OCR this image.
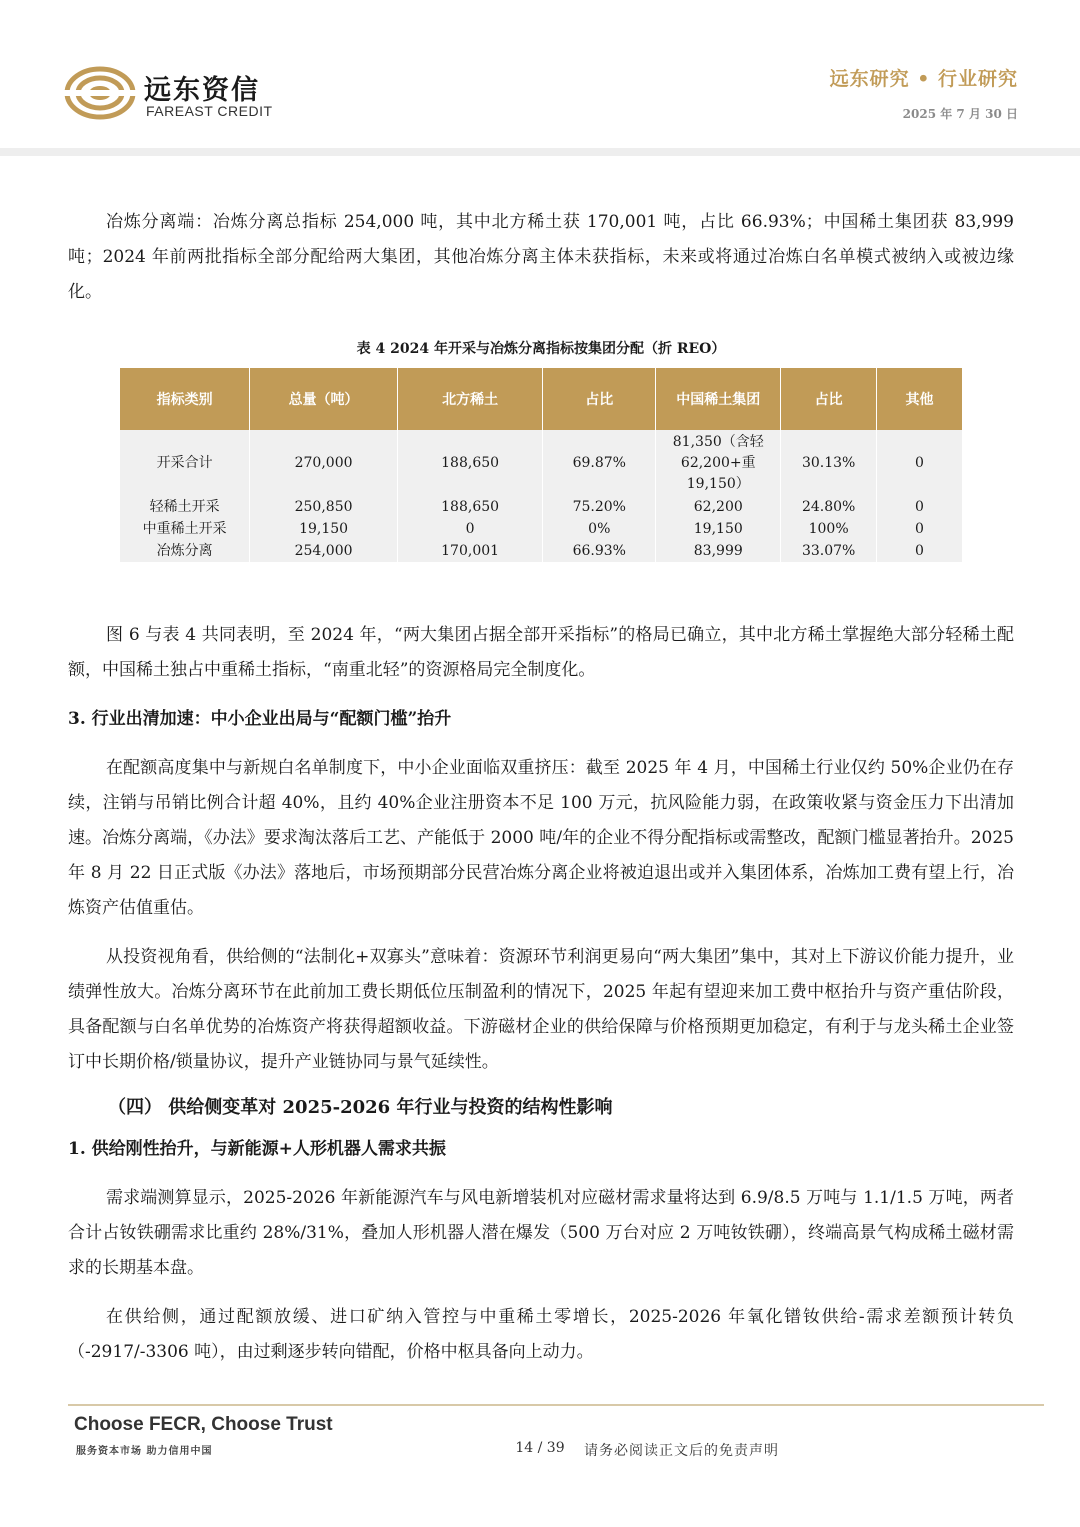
远东资信
FAREAST CREDIT
远东研究 • 行业研究
2025 年 7 月 30 日

冶炼分离端：冶炼分离总指标 254,000 吨，其中北方稀土获 170,001 吨，占比 66.93%；中国稀土集团获 83,999 吨；2024 年前两批指标全部分配给两大集团，其他冶炼分离主体未获指标，未来或将通过冶炼白名单模式被纳入或被边缘化。

表 4 2024 年开采与冶炼分离指标按集团分配（折 REO）
指标类别	总量（吨）	北方稀土	占比	中国稀土集团	占比	其他
开采合计	270,000	188,650	69.87%	81,350（含轻62,200+重19,150）	30.13%	0
轻稀土开采	250,850	188,650	75.20%	62,200	24.80%	0
中重稀土开采	19,150	0	0%	19,150	100%	0
冶炼分离	254,000	170,001	66.93%	83,999	33.07%	0

图 6 与表 4 共同表明，至 2024 年，“两大集团占据全部开采指标”的格局已确立，其中北方稀土掌握绝大部分轻稀土配额，中国稀土独占中重稀土指标，“南重北轻”的资源格局完全制度化。

3. 行业出清加速：中小企业出局与“配额门槛”抬升

在配额高度集中与新规白名单制度下，中小企业面临双重挤压：截至 2025 年 4 月，中国稀土行业仅约 50%企业仍在存续，注销与吊销比例合计超 40%，且约 40%企业注册资本不足 100 万元，抗风险能力弱，在政策收紧与资金压力下出清加速。冶炼分离端，《办法》要求淘汰落后工艺、产能低于 2000 吨/年的企业不得分配指标或需整改，配额门槛显著抬升。2025 年 8 月 22 日正式版《办法》落地后，市场预期部分民营冶炼分离企业将被迫退出或并入集团体系，冶炼加工费有望上行，冶炼资产估值重估。

从投资视角看，供给侧的“法制化+双寡头”意味着：资源环节利润更易向“两大集团”集中，其对上下游议价能力提升，业绩弹性放大。冶炼分离环节在此前加工费长期低位压制盈利的情况下，2025 年起有望迎来加工费中枢抬升与资产重估阶段，具备配额与白名单优势的冶炼资产将获得超额收益。下游磁材企业的供给保障与价格预期更加稳定，有利于与龙头稀土企业签订中长期价格/锁量协议，提升产业链协同与景气延续性。

（四） 供给侧变革对 2025-2026 年行业与投资的结构性影响
1. 供给刚性抬升，与新能源+人形机器人需求共振

需求端测算显示，2025-2026 年新能源汽车与风电新增装机对应磁材需求量将达到 6.9/8.5 万吨与 1.1/1.5 万吨，两者合计占钕铁硼需求比重约 28%/31%，叠加人形机器人潜在爆发（500 万台对应 2 万吨钕铁硼），终端高景气构成稀土磁材需求的长期基本盘。

在供给侧，通过配额放缓、进口矿纳入管控与中重稀土零增长，2025-2026 年氧化镨钕供给-需求差额预计转负（-2917/-3306 吨），由过剩逐步转向错配，价格中枢具备向上动力。

Choose FECR, Choose Trust
服务资本市场 助力信用中国	14 / 39	请务必阅读正文后的免责声明
